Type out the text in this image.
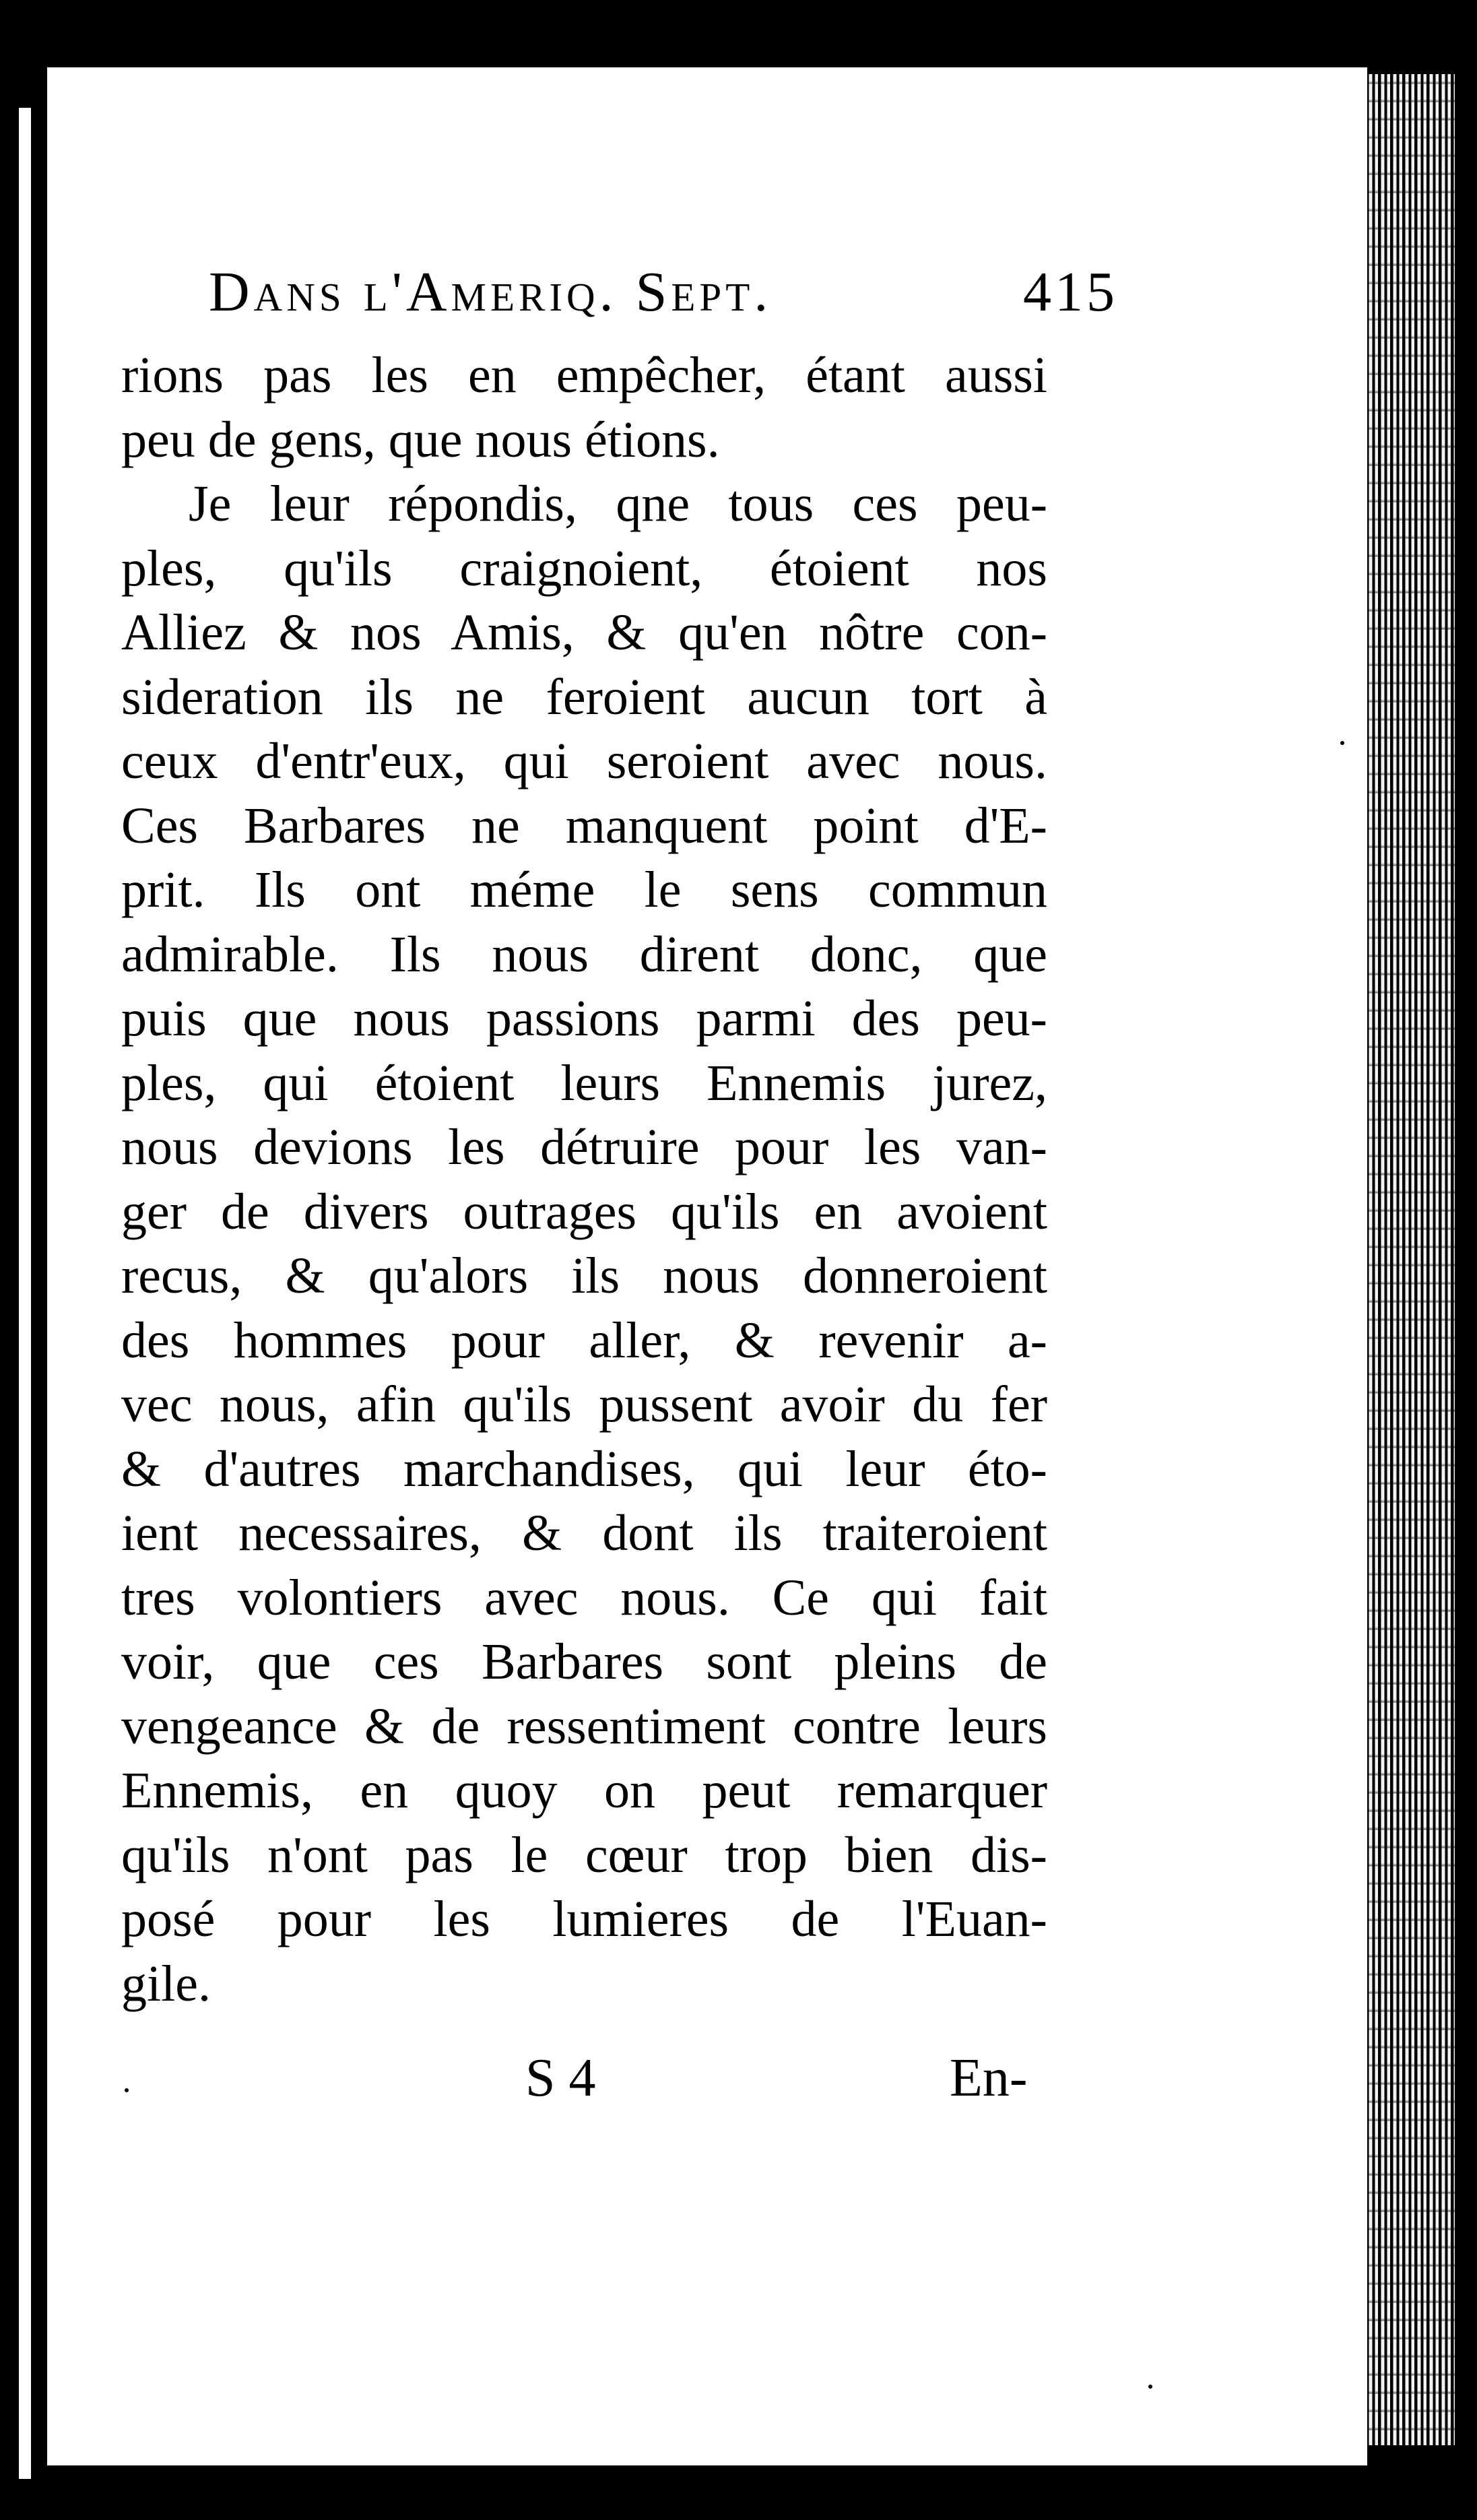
Dans l'Ameriq. Sept.	415
rions pas les en empêcher, étant aussi
peu de gens, que nous étions.
Je leur répondis, qne tous ces peu-
ples, qu'ils craignoient, étoient nos
Alliez & nos Amis, & qu'en nôtre con-
sideration ils ne feroient aucun tort à
ceux d'entr'eux, qui seroient avec nous.
Ces Barbares ne manquent point d'E-
prit. Ils ont méme le sens commun
admirable. Ils nous dirent donc, que
puis que nous passions parmi des peu-
ples, qui étoient leurs Ennemis jurez,
nous devions les détruire pour les van-
ger de divers outrages qu'ils en avoient
recus, & qu'alors ils nous donneroient
des hommes pour aller, & revenir a-
vec nous, afin qu'ils pussent avoir du fer
& d'autres marchandises, qui leur éto-
ient necessaires, & dont ils traiteroient
tres volontiers avec nous. Ce qui fait
voir, que ces Barbares sont pleins de
vengeance & de ressentiment contre leurs
Ennemis, en quoy on peut remarquer
qu'ils n'ont pas le cœur trop bien dis-
posé pour les lumieres de l'Euan-
gile.
S 4	En-
